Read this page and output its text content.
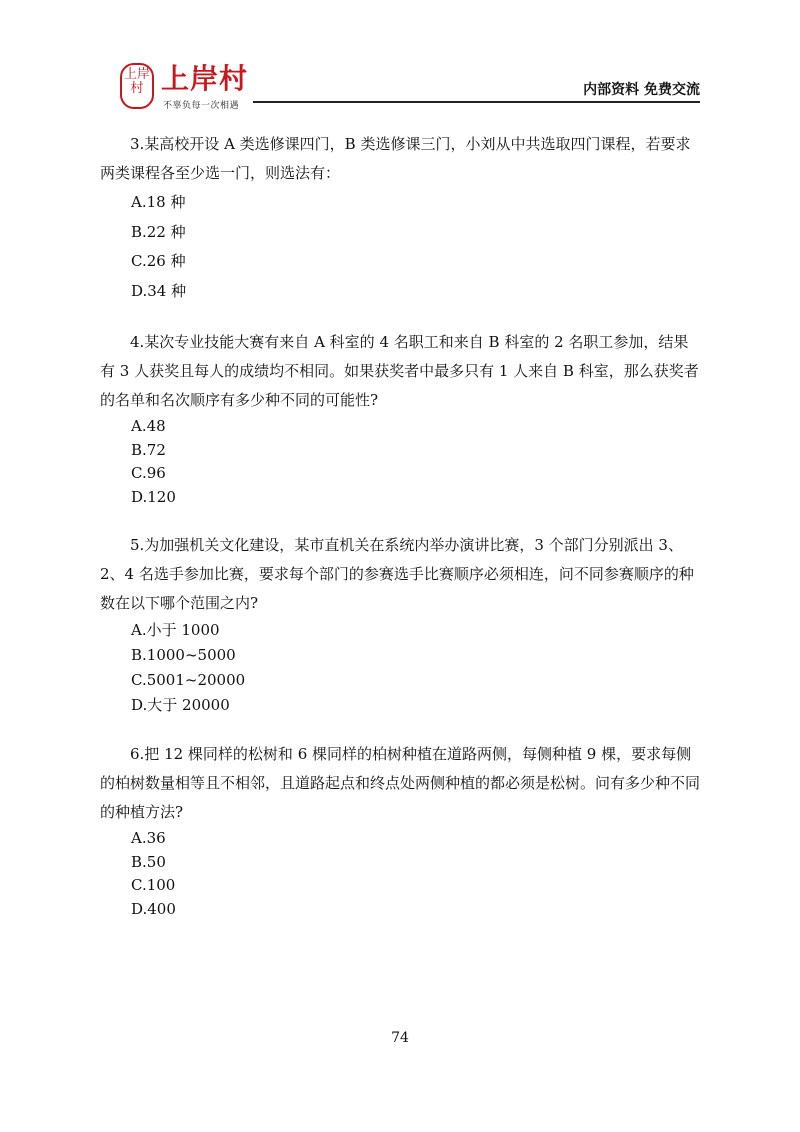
上岸村 上岸村
不辜负每一次相遇
内部资料 免费交流

3.某高校开设 A 类选修课四门，B 类选修课三门，小刘从中共选取四门课程，若要求两类课程各至少选一门，则选法有：

A.18 种
B.22 种
C.26 种
D.34 种

4.某次专业技能大赛有来自 A 科室的 4 名职工和来自 B 科室的 2 名职工参加，结果有 3 人获奖且每人的成绩均不相同。如果获奖者中最多只有 1 人来自 B 科室，那么获奖者的名单和名次顺序有多少种不同的可能性?

A.48
B.72
C.96
D.120

5.为加强机关文化建设，某市直机关在系统内举办演讲比赛，3 个部门分别派出 3、2、4 名选手参加比赛，要求每个部门的参赛选手比赛顺序必须相连，问不同参赛顺序的种数在以下哪个范围之内?

A.小于 1000
B.1000~5000
C.5001~20000
D.大于 20000

6.把 12 棵同样的松树和 6 棵同样的柏树种植在道路两侧，每侧种植 9 棵，要求每侧的柏树数量相等且不相邻，且道路起点和终点处两侧种植的都必须是松树。问有多少种不同的种植方法?

A.36
B.50
C.100
D.400
74
